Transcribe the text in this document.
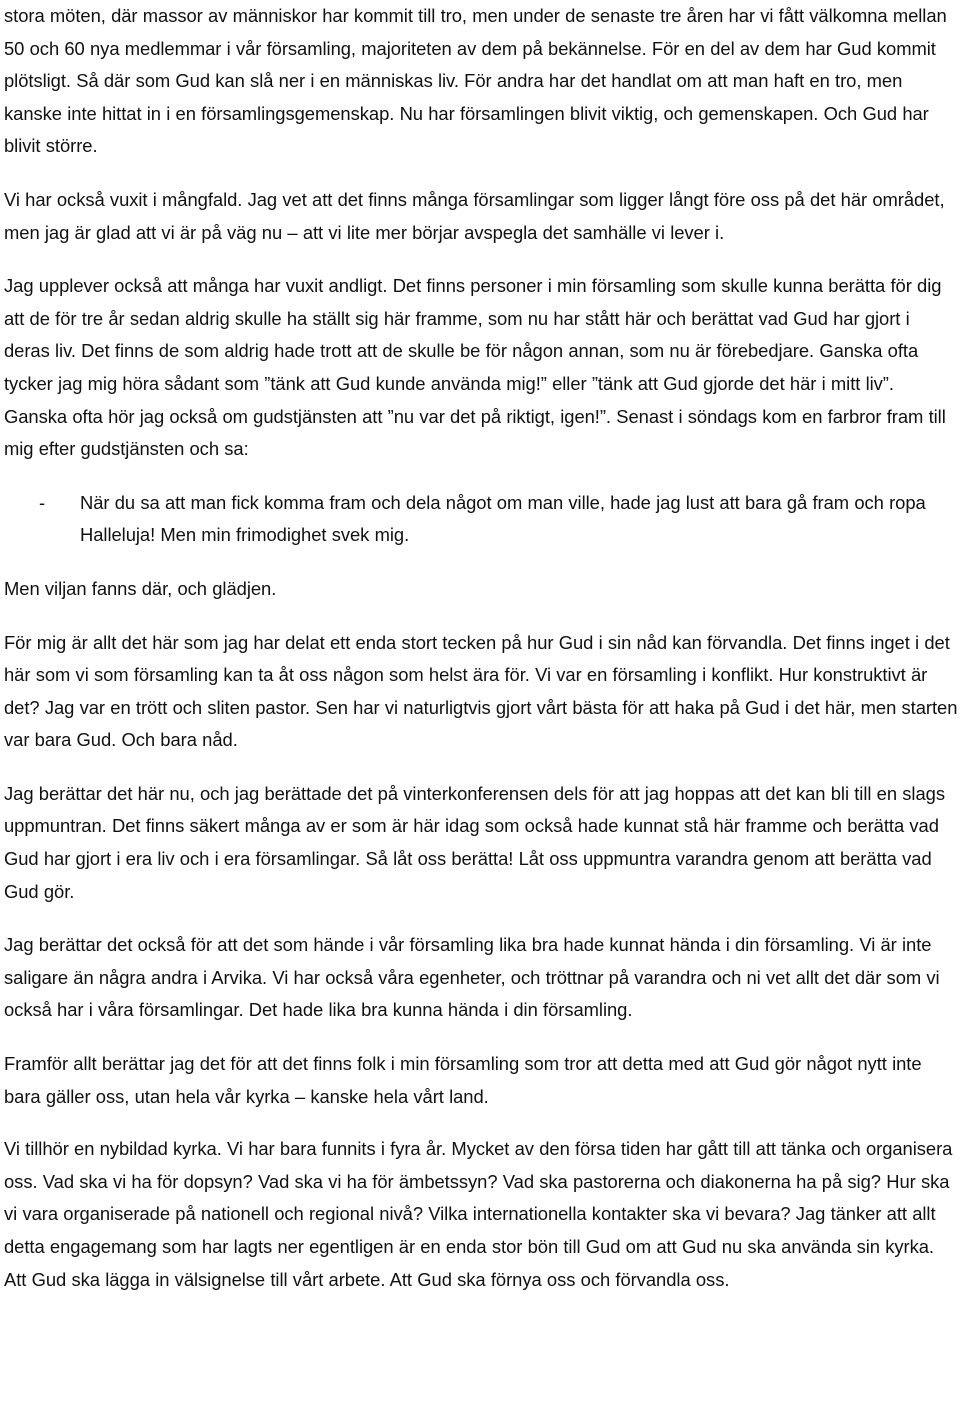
stora möten, där massor av människor har kommit till tro, men under de senaste tre åren har vi fått välkomna mellan 50 och 60 nya medlemmar i vår församling, majoriteten av dem på bekännelse. För en del av dem har Gud kommit plötsligt. Så där som Gud kan slå ner i en människas liv. För andra har det handlat om att man haft en tro, men kanske inte hittat in i en församlingsgemenskap. Nu har församlingen blivit viktig, och gemenskapen. Och Gud har blivit större.

Vi har också vuxit i mångfald. Jag vet att det finns många församlingar som ligger långt före oss på det här området, men jag är glad att vi är på väg nu – att vi lite mer börjar avspegla det samhälle vi lever i.

Jag upplever också att många har vuxit andligt. Det finns personer i min församling som skulle kunna berätta för dig att de för tre år sedan aldrig skulle ha ställt sig här framme, som nu har stått här och berättat vad Gud har gjort i deras liv. Det finns de som aldrig hade trott att de skulle be för någon annan, som nu är förebedjare. Ganska ofta tycker jag mig höra sådant som ”tänk att Gud kunde använda mig!” eller ”tänk att Gud gjorde det här i mitt liv”. Ganska ofta hör jag också om gudstjänsten att ”nu var det på riktigt, igen!”. Senast i söndags kom en farbror fram till mig efter gudstjänsten och sa:

- När du sa att man fick komma fram och dela något om man ville, hade jag lust att bara gå fram och ropa Halleluja! Men min frimodighet svek mig.

Men viljan fanns där, och glädjen.

För mig är allt det här som jag har delat ett enda stort tecken på hur Gud i sin nåd kan förvandla. Det finns inget i det här som vi som församling kan ta åt oss någon som helst ära för. Vi var en församling i konflikt. Hur konstruktivt är det? Jag var en trött och sliten pastor. Sen har vi naturligtvis gjort vårt bästa för att haka på Gud i det här, men starten var bara Gud. Och bara nåd.

Jag berättar det här nu, och jag berättade det på vinterkonferensen dels för att jag hoppas att det kan bli till en slags uppmuntran. Det finns säkert många av er som är här idag som också hade kunnat stå här framme och berätta vad Gud har gjort i era liv och i era församlingar. Så låt oss berätta! Låt oss uppmuntra varandra genom att berätta vad Gud gör.

Jag berättar det också för att det som hände i vår församling lika bra hade kunnat hända i din församling. Vi är inte saligare än några andra i Arvika. Vi har också våra egenheter, och tröttnar på varandra och ni vet allt det där som vi också har i våra församlingar. Det hade lika bra kunna hända i din församling.

Framför allt berättar jag det för att det finns folk i min församling som tror att detta med att Gud gör något nytt inte bara gäller oss, utan hela vår kyrka – kanske hela vårt land.

Vi tillhör en nybildad kyrka. Vi har bara funnits i fyra år. Mycket av den försa tiden har gått till att tänka och organisera oss. Vad ska vi ha för dopsyn? Vad ska vi ha för ämbetssyn? Vad ska pastorerna och diakonerna ha på sig? Hur ska vi vara organiserade på nationell och regional nivå? Vilka internationella kontakter ska vi bevara? Jag tänker att allt detta engagemang som har lagts ner egentligen är en enda stor bön till Gud om att Gud nu ska använda sin kyrka. Att Gud ska lägga in välsignelse till vårt arbete. Att Gud ska förnya oss och förvandla oss.
